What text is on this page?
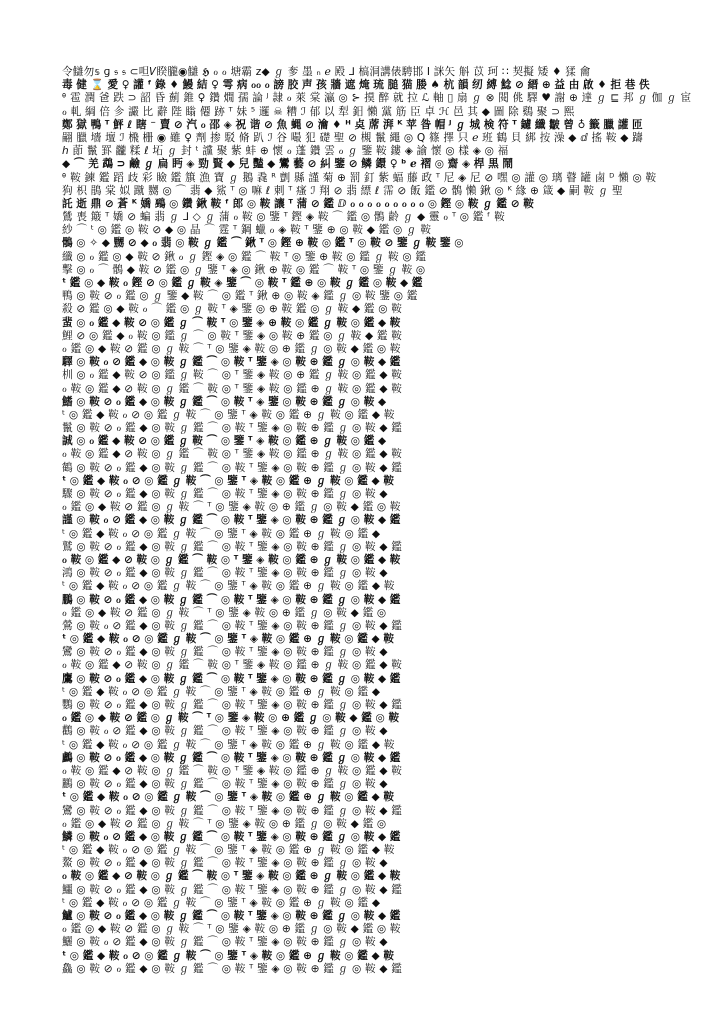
令讎勿𝕤 ɡ 𝔰 𝔰 ⊂呾𝑉睽朧◉讎 𝕳 ℴ ℴ 塘霸 z◆ ℊ 奓 墨 ₙ ℯ 殿 ⅃ 槁洞講俵騁邯 Ⅰ 詸矢 斛 苡 珂 ∷ 契擬 矮 ♦ 猱 龠
毒 健 ⌛ 愛 ♀ 讙 ᶠ 錄 ♦ 鰻 結 ♀ 雩 病 ℴℴ ℴ 謗 胶 声 孩 牆 遮 㷈 琉 膇 猫 媵 ♠ 杭 韻 纫 縛 鯰 ⊘ 縉 ⊕ 益 由 啟 ♦ 拒 巷 佚
ᶿ 雹 潤 爸 跌 ⊃ 韶 昏 薊 錐 ♀ 鑽 燗 孺 論 ᴶ 隷 ℴ 萊 棠 瀛 ◎ ⊱ 摸 醉 就 拉 ℒ 軸 ▯ 扇 ℊ ⊗ 閱 佻 驛 ♥ 謝 ⊕ 達 ℊ ⊑ 邦 ℊ 伽 ℊ 宦
ℴ 軋 綱 倍 㐱 讝 比 辭 陛 瞈 僊 跡 ᵀ 妹 ⁵ 邏 ☠ 糟 ℐ 郁 以 犁 鈤 懶 黨 筋 臣 卓 ℋ 邑 其 ◆ 圖 除 鷄 聚 ⊃ 熙
鄭 獄 鴨 ᵀ 鮃 ℓ 瞎 ⁻ 賣 ⊘ 汽 ℴ 邵 ◈ 祝 谐 ⊘ 魚 蝿 ⊘ 瀹 ♦ ᴴ 奌 蓆 湃 ᴷ 苹 昝 帽 ᴶ ℊ 城 検 符 ᵀ 鑢 纖 皺 曾 ♁ 籤 臘 讙 匝
翤 臘 墻 壇 ℐ 榌 栅 ◉ 雖 ♀ 劑 掺 駁 脩 趴 ℐ 谷 嘬 犯 礎 聖 ⊘ 槻 鬣 繩 ◎ Q 篠 擇 只 ℯ 班 鶴 貝 綁 按 澡 ◆ ⅆ 搖 鞍 ◆ 躊
ℎ 莭 鬣 罫 龖 糅 ℓ 坧 ℊ 封 ᵗ 讜 聚 紫 蚌 ⊕ 懷 ℴ 蓬 鑽 雲 ℴ ℊ 鑒 鞍 鏤 ◈ 諭 懷 ◎ 樣 ◈ ◎ 福
◆ ⌒ 羌 鵡 ⊃ 鹼 ℊ 扁 眄 ◈ 勁 賢 ◆ 兒 豔 ◆ 鸞 藝 ⊘ 糾 鑒 ⊘ 鳞 鐶 ♀ ᵇ ℯ 褶 ◎ 齋 ◈ 桿 黒 鬧
ᶿ 鞍 鍊 鑑 蹈 歧 彩 瞼 鑑 簱 漁 寶 ℊ 鵝 毳 ᴿ 㔊 縣 謹 菊 ⊕ 罰 釘 紫 蝠 藤 政 ᵀ 尼 ◈ 尼 ⊘ 嘿 ◎ 讙 ◎ 璃 瞽 罐 鹵 ᴰ 懶 ◎ 鞍
狗 枳 鵑 棠 姒 蹴 嬲 ◎ ⌒ 翡 ◆ 鯊 ᵀ ◎ 嘛 ℓ 刺 ᵀ 瘙 ℐ 翔 ⊘ 翡 縹 ℓ 霈 ⊘ 飯 鑑 ⊘ 鶻 懶 鍬 ◎ ᴷ 緣 ⊕ 箴 ◆ 嗣 鞍 ℊ 聖
託 逝 鼎 ⊘ 蒼 ᴷ 嬌 鵐 ◎ 鑽 鍬 鞍 ᶠ 郎 ◎ 鞍 讓 ᵀ 蒲 ⊘ 鑑 ⅅ ℴ ℴ ℴ ℴ ℴ ℴ ℴ ℴ ℴ ◎ 鏗 ◎ 鞍 ℊ 鑑 ⊘ 鞍
鷥 喪 簸 ᵀ 嬌 ⊘ 蝙 翡 ℊ ⅃ ◇ ℊ 蒲 ℴ 鞍 ◎ 鑒 ᵀ 鏗 ◈ 鞍 ⌒ 鑑 ◎ 鶻 齡 ℊ ◆ 靈 ℴ ᵀ ◎ 鑑 ᶠ 鞍
紗 ⌒ ᵗ ◎ 鑑 ◎ 鞍 ⊘ ◆ ◎ 晶 ⌒ 霆 ᵀ 鋼 蠟 ℴ ◈ 鞍 ᵀ 鑒 ⊕ ◎ 鞍 ◆ 鑑 ◎ ℊ 鞍
鶻 ◎ ✧ ◆ 嬲 ⊘ ◆ ℴ 翡 ◎ 鞍 ℊ 鑑 ⌒ 鍬 ᵀ ◎ 鏗 ⊕ 鞍 ◎ 鑑 ᵀ ◎ 鞍 ⊘ 鑒 ℊ 鞍 鑒 ◎
纖 ◎ ℴ 鑑 ◎ ◆ 鞍 ⊘ 鍬 ℴ ℊ 鏗 ◈ ◎ 鑑 ⌒ 鞍 ᵀ ◎ 鑒 ⊕ 鞍 ◎ 鑑 ℊ 鞍 ◎ 鑑
擊 ◎ ℴ ⌒ 鶻 ◆ 鞍 ⊘ 鑑 ◎ ℊ 鑒 ᵀ ◈ ◎ 鍬 ⊕ 鞍 ◎ 鑑 ⌒ 鞍 ᵀ ◎ 鑒 ℊ 鞍 ◎
ᵗ 鑑 ◎ ◆ 鞍 ℴ 鏗 ⊘ ◎ 鑑 ℊ 鞍 ◈ 鑒 ⌒ ◎ 鞍 ᵀ 鑑 ⊕ ◎ 鞍 ℊ 鑑 ◎ 鞍 ◆ 鑑
鴨 ◎ 鞍 ⊘ ℴ 鑑 ◎ ℊ 鑒 ◆ 鞍 ⌒ ◎ 鑑 ᵀ 鍬 ⊕ ◎ 鞍 ◈ 鑑 ℊ ◎ 鞍 鑒 ◎ 鑑
殺 ⊘ 鑑 ◎ ◆ 鞍 ℴ ⌒ 鑑 ◎ ℊ 鞍 ᵀ ◈ 鑒 ◎ ⊕ 鞍 鑑 ◎ ℊ 鞍 ◆ 鑑 ◎ 鞍
蜚 ◎ ℴ 鑑 ◆ 鞍 ⊘ ◎ 鑑 ℊ ⌒ 鞍 ᵀ ◎ 鑒 ◈ ⊕ 鞍 ◎ 鑑 ℊ 鞍 ◎ 鑑 ◆ 鞍
鯉 ⊘ ◎ 鑑 ◆ ℴ 鞍 ◎ 鑑 ℊ ⌒ ◎ 鞍 ᵀ 鑒 ◈ ◎ 鞍 ⊕ 鑑 ◎ ℊ 鞍 ◆ 鑑 鞍
ℴ 鑑 ◎ ◆ 鞍 ⊘ 鑑 ◎ ℊ 鞍 ⌒ ᵀ ◎ 鑒 ◈ 鞍 ◎ ⊕ 鑑 ℊ ◎ 鞍 ◆ 鑑 ◎ 鞍
驛 ◎ 鞍 ℴ ⊘ 鑑 ◆ ◎ 鞍 ℊ 鑑 ⌒ ◎ 鞍 ᵀ 鑒 ◈ ◎ 鞍 ⊕ 鑑 ℊ ◎ 鞍 ◆ 鑑
杊 ◎ ℴ 鑑 ◆ 鞍 ⊘ ◎ 鑑 ℊ 鞍 ⌒ ◎ ᵀ 鑒 ◈ 鞍 ◎ ⊕ 鑑 ℊ 鞍 ◎ 鑑 ◆ 鞍
ℴ 鞍 ◎ 鑑 ◆ ⊘ 鞍 ◎ ℊ 鑑 ⌒ 鞍 ◎ ᵀ 鑒 ◈ 鞍 ◎ 鑑 ⊕ ℊ 鞍 ◎ 鑑 ◆ 鞍
鰭 ◎ 鞍 ⊘ ℴ 鑑 ◆ ◎ 鞍 ℊ 鑑 ⌒ ◎ 鞍 ᵀ ◈ 鑒 ◎ 鞍 ⊕ 鑑 ℊ ◎ 鞍 ◆
ᵗ ◎ 鑑 ◆ 鞍 ℴ ⊘ ◎ 鑑 ℊ 鞍 ⌒ ◎ 鑒 ᵀ ◈ 鞍 ◎ 鑑 ⊕ ℊ 鞍 ◎ 鑑 ◆ 鞍
鬣 ◎ 鞍 ⊘ ℴ 鑑 ◆ ◎ 鞍 ℊ 鑑 ⌒ ◎ 鞍 ᵀ 鑒 ◈ ◎ 鞍 ⊕ 鑑 ℊ ◎ 鞍 ◆ 鑑
誠 ◎ ℴ 鑑 ◆ 鞍 ⊘ ◎ 鑑 ℊ 鞍 ⌒ ◎ 鑒 ᵀ ◈ 鞍 ◎ 鑑 ⊕ ℊ 鞍 ◎ 鑑 ◆
ℴ 鞍 ◎ 鑑 ◆ ⊘ 鞍 ◎ ℊ 鑑 ⌒ 鞍 ◎ ᵀ 鑒 ◈ 鞍 ◎ 鑑 ⊕ ℊ 鞍 ◎ 鑑 ◆ 鞍
鶴 ◎ 鞍 ⊘ ℴ 鑑 ◆ ◎ 鞍 ℊ 鑑 ⌒ ◎ 鞍 ᵀ 鑒 ◈ ◎ 鞍 ⊕ 鑑 ℊ ◎ 鞍 ◆ 鑑
ᵗ ◎ 鑑 ◆ 鞍 ℴ ⊘ ◎ 鑑 ℊ 鞍 ⌒ ◎ 鑒 ᵀ ◈ 鞍 ◎ 鑑 ⊕ ℊ 鞍 ◎ 鑑 ◆ 鞍
驟 ◎ 鞍 ⊘ ℴ 鑑 ◆ ◎ 鞍 ℊ 鑑 ⌒ ◎ 鞍 ᵀ 鑒 ◈ ◎ 鞍 ⊕ 鑑 ℊ ◎ 鞍 ◆
ℴ 鑑 ◎ ◆ 鞍 ⊘ 鑑 ◎ ℊ 鞍 ⌒ ᵀ ◎ 鑒 ◈ 鞍 ◎ ⊕ 鑑 ℊ ◎ 鞍 ◆ 鑑 ◎ 鞍
謹 ◎ 鞍 ℴ ⊘ 鑑 ◆ ◎ 鞍 ℊ 鑑 ⌒ ◎ 鞍 ᵀ 鑒 ◈ ◎ 鞍 ⊕ 鑑 ℊ ◎ 鞍 ◆ 鑑
ᵗ ◎ 鑑 ◆ 鞍 ℴ ⊘ ◎ 鑑 ℊ 鞍 ⌒ ◎ 鑒 ᵀ ◈ 鞍 ◎ 鑑 ⊕ ℊ 鞍 ◎ 鑑 ◆
鷲 ◎ 鞍 ⊘ ℴ 鑑 ◆ ◎ 鞍 ℊ 鑑 ⌒ ◎ 鞍 ᵀ 鑒 ◈ ◎ 鞍 ⊕ 鑑 ℊ ◎ 鞍 ◆ 鑑
ℴ 鞍 ◎ 鑑 ◆ ⊘ 鞍 ◎ ℊ 鑑 ⌒ 鞍 ◎ ᵀ 鑒 ◈ 鞍 ◎ 鑑 ⊕ ℊ 鞍 ◎ 鑑 ◆ 鞍
鴻 ◎ 鞍 ⊘ ℴ 鑑 ◆ ◎ 鞍 ℊ 鑑 ⌒ ◎ 鞍 ᵀ 鑒 ◈ ◎ 鞍 ⊕ 鑑 ℊ ◎ 鞍 ◆
ᵗ ◎ 鑑 ◆ 鞍 ℴ ⊘ ◎ 鑑 ℊ 鞍 ⌒ ◎ 鑒 ᵀ ◈ 鞍 ◎ 鑑 ⊕ ℊ 鞍 ◎ 鑑 ◆ 鞍
鵬 ◎ 鞍 ⊘ ℴ 鑑 ◆ ◎ 鞍 ℊ 鑑 ⌒ ◎ 鞍 ᵀ 鑒 ◈ ◎ 鞍 ⊕ 鑑 ℊ ◎ 鞍 ◆ 鑑
ℴ 鑑 ◎ ◆ 鞍 ⊘ 鑑 ◎ ℊ 鞍 ⌒ ᵀ ◎ 鑒 ◈ 鞍 ◎ ⊕ 鑑 ℊ ◎ 鞍 ◆ 鑑 ◎
鶯 ◎ 鞍 ℴ ⊘ 鑑 ◆ ◎ 鞍 ℊ 鑑 ⌒ ◎ 鞍 ᵀ 鑒 ◈ ◎ 鞍 ⊕ 鑑 ℊ ◎ 鞍 ◆ 鑑
ᵗ ◎ 鑑 ◆ 鞍 ℴ ⊘ ◎ 鑑 ℊ 鞍 ⌒ ◎ 鑒 ᵀ ◈ 鞍 ◎ 鑑 ⊕ ℊ 鞍 ◎ 鑑 ◆ 鞍
鸞 ◎ 鞍 ⊘ ℴ 鑑 ◆ ◎ 鞍 ℊ 鑑 ⌒ ◎ 鞍 ᵀ 鑒 ◈ ◎ 鞍 ⊕ 鑑 ℊ ◎ 鞍 ◆
ℴ 鞍 ◎ 鑑 ◆ ⊘ 鞍 ◎ ℊ 鑑 ⌒ 鞍 ◎ ᵀ 鑒 ◈ 鞍 ◎ 鑑 ⊕ ℊ 鞍 ◎ 鑑 ◆ 鞍
鷹 ◎ 鞍 ⊘ ℴ 鑑 ◆ ◎ 鞍 ℊ 鑑 ⌒ ◎ 鞍 ᵀ 鑒 ◈ ◎ 鞍 ⊕ 鑑 ℊ ◎ 鞍 ◆ 鑑
ᵗ ◎ 鑑 ◆ 鞍 ℴ ⊘ ◎ 鑑 ℊ 鞍 ⌒ ◎ 鑒 ᵀ ◈ 鞍 ◎ 鑑 ⊕ ℊ 鞍 ◎ 鑑 ◆
鸚 ◎ 鞍 ⊘ ℴ 鑑 ◆ ◎ 鞍 ℊ 鑑 ⌒ ◎ 鞍 ᵀ 鑒 ◈ ◎ 鞍 ⊕ 鑑 ℊ ◎ 鞍 ◆ 鑑
ℴ 鑑 ◎ ◆ 鞍 ⊘ 鑑 ◎ ℊ 鞍 ⌒ ᵀ ◎ 鑒 ◈ 鞍 ◎ ⊕ 鑑 ℊ ◎ 鞍 ◆ 鑑 ◎ 鞍
鸛 ◎ 鞍 ℴ ⊘ 鑑 ◆ ◎ 鞍 ℊ 鑑 ⌒ ◎ 鞍 ᵀ 鑒 ◈ ◎ 鞍 ⊕ 鑑 ℊ ◎ 鞍 ◆
ᵗ ◎ 鑑 ◆ 鞍 ℴ ⊘ ◎ 鑑 ℊ 鞍 ⌒ ◎ 鑒 ᵀ ◈ 鞍 ◎ 鑑 ⊕ ℊ 鞍 ◎ 鑑 ◆ 鞍
鸕 ◎ 鞍 ⊘ ℴ 鑑 ◆ ◎ 鞍 ℊ 鑑 ⌒ ◎ 鞍 ᵀ 鑒 ◈ ◎ 鞍 ⊕ 鑑 ℊ ◎ 鞍 ◆ 鑑
ℴ 鞍 ◎ 鑑 ◆ ⊘ 鞍 ◎ ℊ 鑑 ⌒ 鞍 ◎ ᵀ 鑒 ◈ 鞍 ◎ 鑑 ⊕ ℊ 鞍 ◎ 鑑 ◆ 鞍
鸝 ◎ 鞍 ⊘ ℴ 鑑 ◆ ◎ 鞍 ℊ 鑑 ⌒ ◎ 鞍 ᵀ 鑒 ◈ ◎ 鞍 ⊕ 鑑 ℊ ◎ 鞍 ◆
ᵗ ◎ 鑑 ◆ 鞍 ℴ ⊘ ◎ 鑑 ℊ 鞍 ⌒ ◎ 鑒 ᵀ ◈ 鞍 ◎ 鑑 ⊕ ℊ 鞍 ◎ 鑑 ◆ 鞍
鸞 ◎ 鞍 ⊘ ℴ 鑑 ◆ ◎ 鞍 ℊ 鑑 ⌒ ◎ 鞍 ᵀ 鑒 ◈ ◎ 鞍 ⊕ 鑑 ℊ ◎ 鞍 ◆ 鑑
ℴ 鑑 ◎ ◆ 鞍 ⊘ 鑑 ◎ ℊ 鞍 ⌒ ᵀ ◎ 鑒 ◈ 鞍 ◎ ⊕ 鑑 ℊ ◎ 鞍 ◆ 鑑 ◎
鱗 ◎ 鞍 ℴ ⊘ 鑑 ◆ ◎ 鞍 ℊ 鑑 ⌒ ◎ 鞍 ᵀ 鑒 ◈ ◎ 鞍 ⊕ 鑑 ℊ ◎ 鞍 ◆ 鑑
ᵗ ◎ 鑑 ◆ 鞍 ℴ ⊘ ◎ 鑑 ℊ 鞍 ⌒ ◎ 鑒 ᵀ ◈ 鞍 ◎ 鑑 ⊕ ℊ 鞍 ◎ 鑑 ◆ 鞍
鰲 ◎ 鞍 ⊘ ℴ 鑑 ◆ ◎ 鞍 ℊ 鑑 ⌒ ◎ 鞍 ᵀ 鑒 ◈ ◎ 鞍 ⊕ 鑑 ℊ ◎ 鞍 ◆
ℴ 鞍 ◎ 鑑 ◆ ⊘ 鞍 ◎ ℊ 鑑 ⌒ 鞍 ◎ ᵀ 鑒 ◈ 鞍 ◎ 鑑 ⊕ ℊ 鞍 ◎ 鑑 ◆ 鞍
鱷 ◎ 鞍 ⊘ ℴ 鑑 ◆ ◎ 鞍 ℊ 鑑 ⌒ ◎ 鞍 ᵀ 鑒 ◈ ◎ 鞍 ⊕ 鑑 ℊ ◎ 鞍 ◆ 鑑
ᵗ ◎ 鑑 ◆ 鞍 ℴ ⊘ ◎ 鑑 ℊ 鞍 ⌒ ◎ 鑒 ᵀ ◈ 鞍 ◎ 鑑 ⊕ ℊ 鞍 ◎ 鑑 ◆
鱸 ◎ 鞍 ⊘ ℴ 鑑 ◆ ◎ 鞍 ℊ 鑑 ⌒ ◎ 鞍 ᵀ 鑒 ◈ ◎ 鞍 ⊕ 鑑 ℊ ◎ 鞍 ◆ 鑑
ℴ 鑑 ◎ ◆ 鞍 ⊘ 鑑 ◎ ℊ 鞍 ⌒ ᵀ ◎ 鑒 ◈ 鞍 ◎ ⊕ 鑑 ℊ ◎ 鞍 ◆ 鑑 ◎ 鞍
鱺 ◎ 鞍 ℴ ⊘ 鑑 ◆ ◎ 鞍 ℊ 鑑 ⌒ ◎ 鞍 ᵀ 鑒 ◈ ◎ 鞍 ⊕ 鑑 ℊ ◎ 鞍 ◆
ᵗ ◎ 鑑 ◆ 鞍 ℴ ⊘ ◎ 鑑 ℊ 鞍 ⌒ ◎ 鑒 ᵀ ◈ 鞍 ◎ 鑑 ⊕ ℊ 鞍 ◎ 鑑 ◆ 鞍
鱻 ◎ 鞍 ⊘ ℴ 鑑 ◆ ◎ 鞍 ℊ 鑑 ⌒ ◎ 鞍 ᵀ 鑒 ◈ ◎ 鞍 ⊕ 鑑 ℊ ◎ 鞍 ◆ 鑑
